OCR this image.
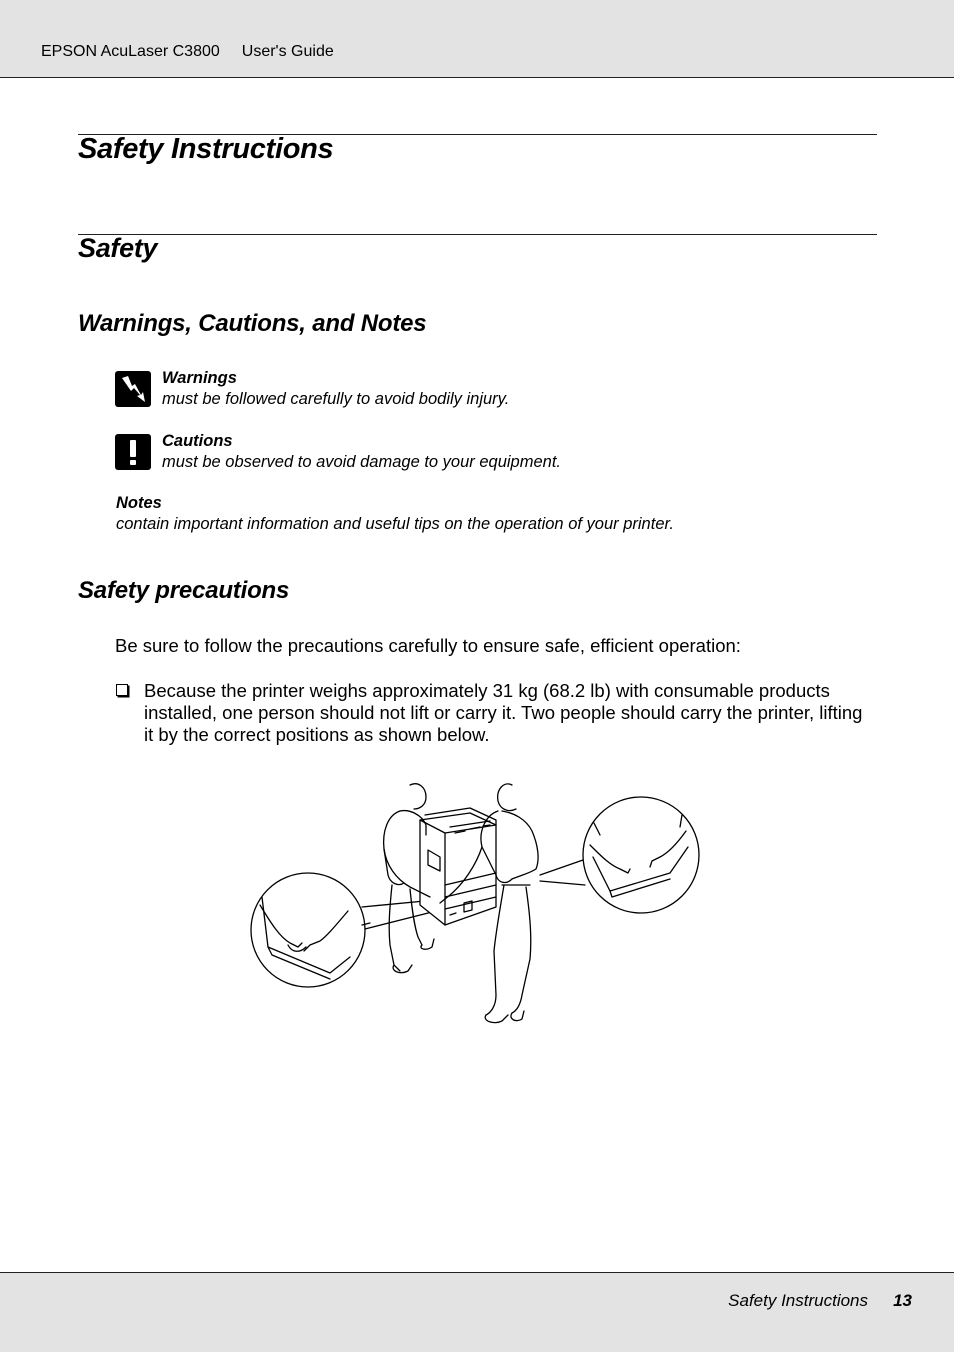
EPSON AcuLaser C3800 User's Guide
Safety Instructions
Safety
Warnings, Cautions, and Notes
Warnings
must be followed carefully to avoid bodily injury.
Cautions
must be observed to avoid damage to your equipment.
Notes
contain important information and useful tips on the operation of your printer.
Safety precautions
Be sure to follow the precautions carefully to ensure safe, efficient operation:
Because the printer weighs approximately 31 kg (68.2 lb) with consumable products installed, one person should not lift or carry it. Two people should carry the printer, lifting it by the correct positions as shown below.
Safety Instructions 13
